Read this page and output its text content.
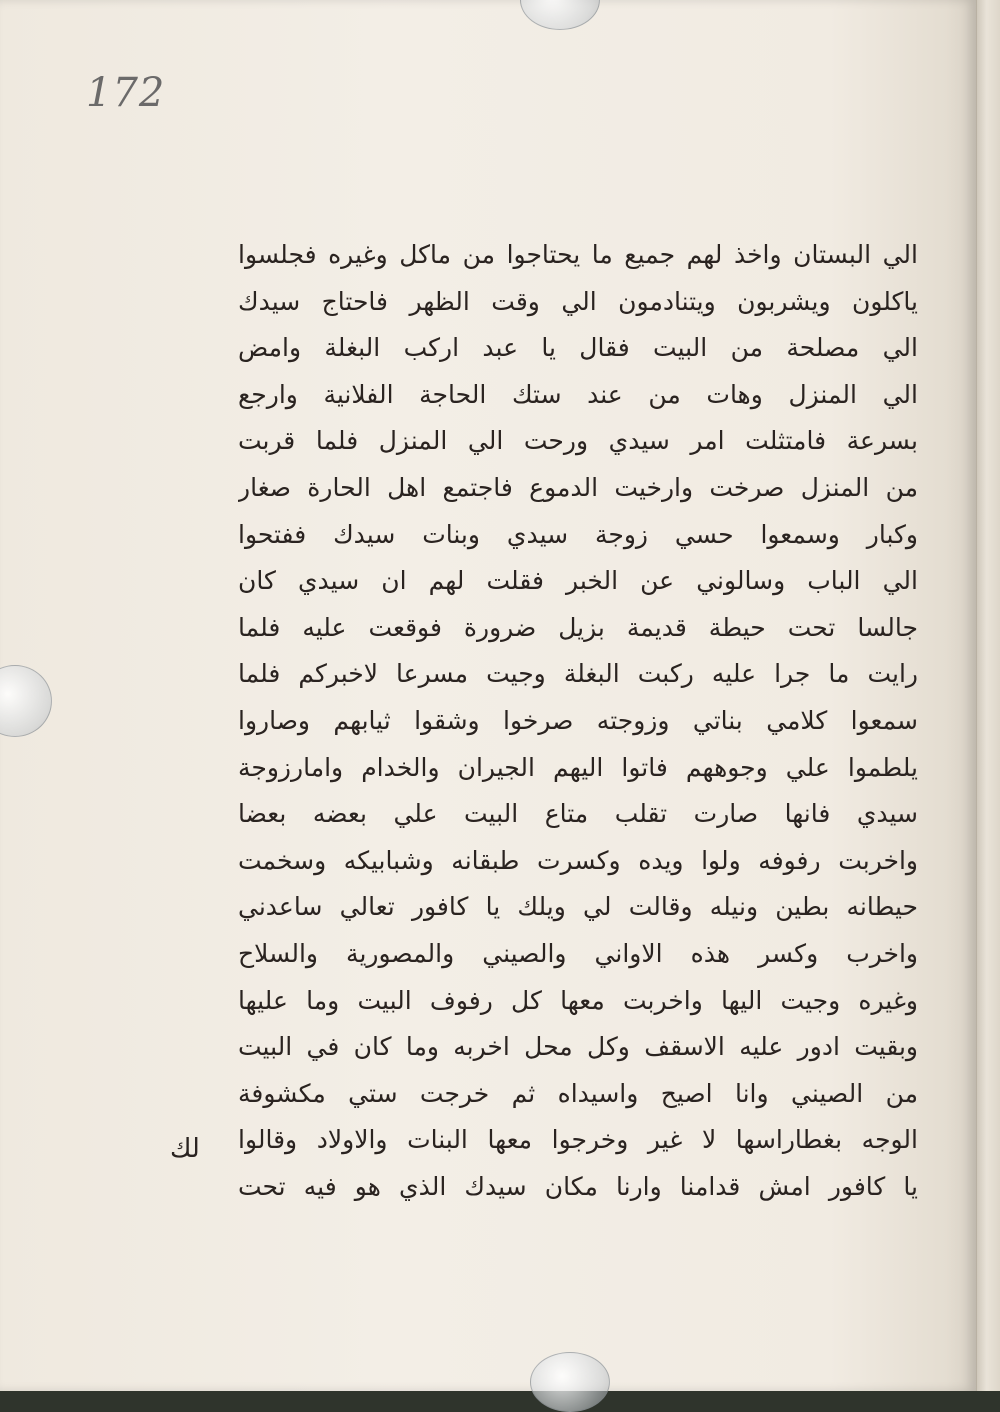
172
الي البستان واخذ لهم جميع ما يحتاجوا من ماكل وغيره فجلسوا
ياكلون ويشربون ويتنادمون الي وقت الظهر فاحتاج سيدك
الي مصلحة من البيت فقال يا عبد اركب البغلة وامض
الي المنزل وهات من عند ستك الحاجة الفلانية وارجع
بسرعة فامتثلت امر سيدي ورحت الي المنزل فلما قربت
من المنزل صرخت وارخيت الدموع فاجتمع اهل الحارة صغار
وكبار وسمعوا حسي زوجة سيدي وبنات سيدك ففتحوا
الي الباب وسالوني عن الخبر فقلت لهم ان سيدي كان
جالسا تحت حيطة قديمة بزيل ضرورة فوقعت عليه فلما
رايت ما جرا عليه ركبت البغلة وجيت مسرعا لاخبركم فلما
سمعوا كلامي بناتي وزوجته صرخوا وشقوا ثيابهم وصاروا
يلطموا علي وجوههم فاتوا اليهم الجيران والخدام وامارزوجة
سيدي فانها صارت تقلب متاع البيت علي بعضه بعضا
واخربت رفوفه ولوا ويده وكسرت طبقانه وشبابيكه وسخمت
حيطانه بطين ونيله وقالت لي ويلك يا كافور تعالي ساعدني
واخرب وكسر هذه الاواني والصيني والمصورية والسلاح
وغيره وجيت اليها واخربت معها كل رفوف البيت وما عليها
وبقيت ادور عليه الاسقف وكل محل اخربه وما كان في البيت
من الصيني وانا اصيح واسيداه ثم خرجت ستي مكشوفة
الوجه بغطاراسها لا غير وخرجوا معها البنات والاولاد وقالوا
يا كافور امش قدامنا وارنا مكان سيدك الذي هو فيه تحت
لك
